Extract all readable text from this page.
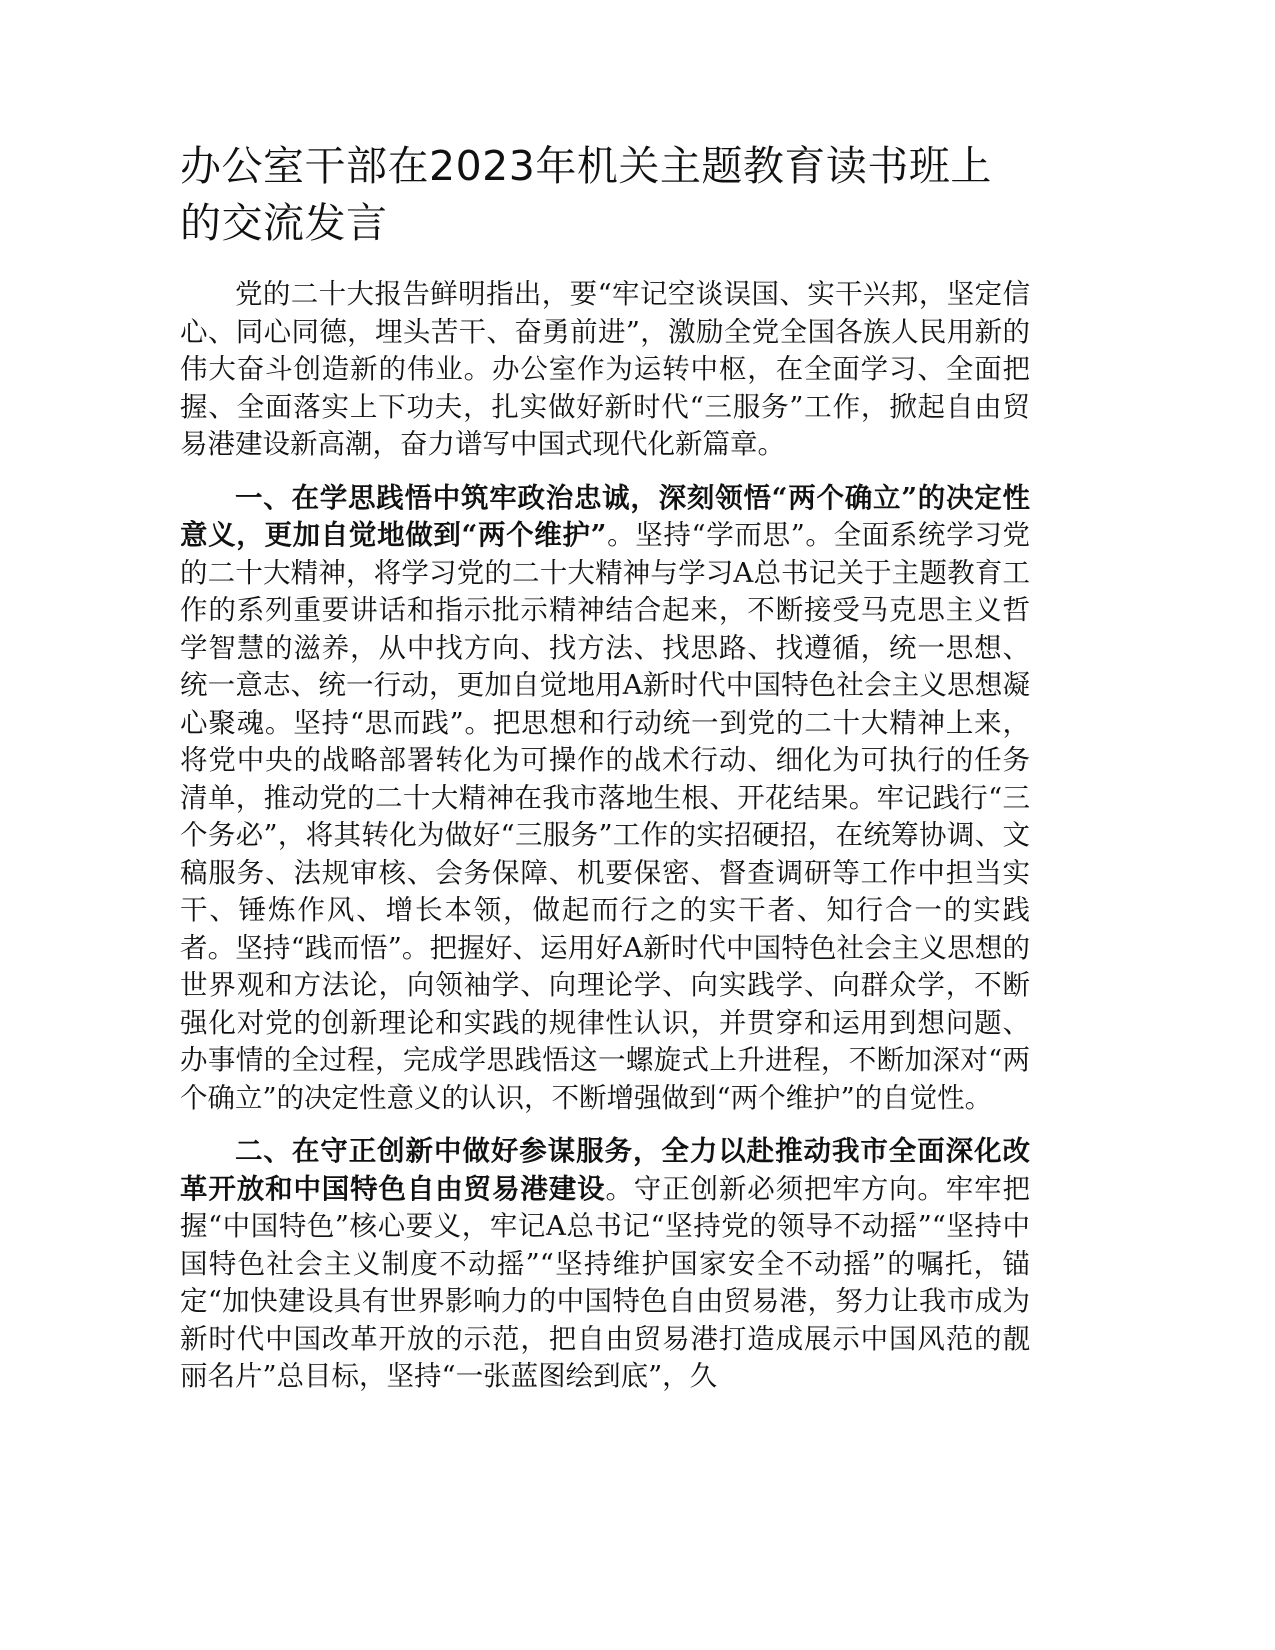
办公室干部在2023年机关主题教育读书班上的交流发言

党的二十大报告鲜明指出，要“牢记空谈误国、实干兴邦，坚定信心、同心同德，埋头苦干、奋勇前进”，激励全党全国各族人民用新的伟大奋斗创造新的伟业。办公室作为运转中枢，在全面学习、全面把握、全面落实上下功夫，扎实做好新时代“三服务”工作，掀起自由贸易港建设新高潮，奋力谱写中国式现代化新篇章。

一、在学思践悟中筑牢政治忠诚，深刻领悟“两个确立”的决定性意义，更加自觉地做到“两个维护”。坚持“学而思”。全面系统学习党的二十大精神，将学习党的二十大精神与学习A总书记关于主题教育工作的系列重要讲话和指示批示精神结合起来，不断接受马克思主义哲学智慧的滋养，从中找方向、找方法、找思路、找遵循，统一思想、统一意志、统一行动，更加自觉地用A新时代中国特色社会主义思想凝心聚魂。坚持“思而践”。把思想和行动统一到党的二十大精神上来，将党中央的战略部署转化为可操作的战术行动、细化为可执行的任务清单，推动党的二十大精神在我市落地生根、开花结果。牢记践行“三个务必”，将其转化为做好“三服务”工作的实招硬招，在统筹协调、文稿服务、法规审核、会务保障、机要保密、督查调研等工作中担当实干、锤炼作风、增长本领，做起而行之的实干者、知行合一的实践者。坚持“践而悟”。把握好、运用好A新时代中国特色社会主义思想的世界观和方法论，向领袖学、向理论学、向实践学、向群众学，不断强化对党的创新理论和实践的规律性认识，并贯穿和运用到想问题、办事情的全过程，完成学思践悟这一螺旋式上升进程，不断加深对“两个确立”的决定性意义的认识，不断增强做到“两个维护”的自觉性。

二、在守正创新中做好参谋服务，全力以赴推动我市全面深化改革开放和中国特色自由贸易港建设。守正创新必须把牢方向。牢牢把握“中国特色”核心要义，牢记A总书记“坚持党的领导不动摇”“坚持中国特色社会主义制度不动摇”“坚持维护国家安全不动摇”的嘱托，锚定“加快建设具有世界影响力的中国特色自由贸易港，努力让我市成为新时代中国改革开放的示范，把自由贸易港打造成展示中国风范的靓丽名片”总目标，坚持“一张蓝图绘到底”，久
